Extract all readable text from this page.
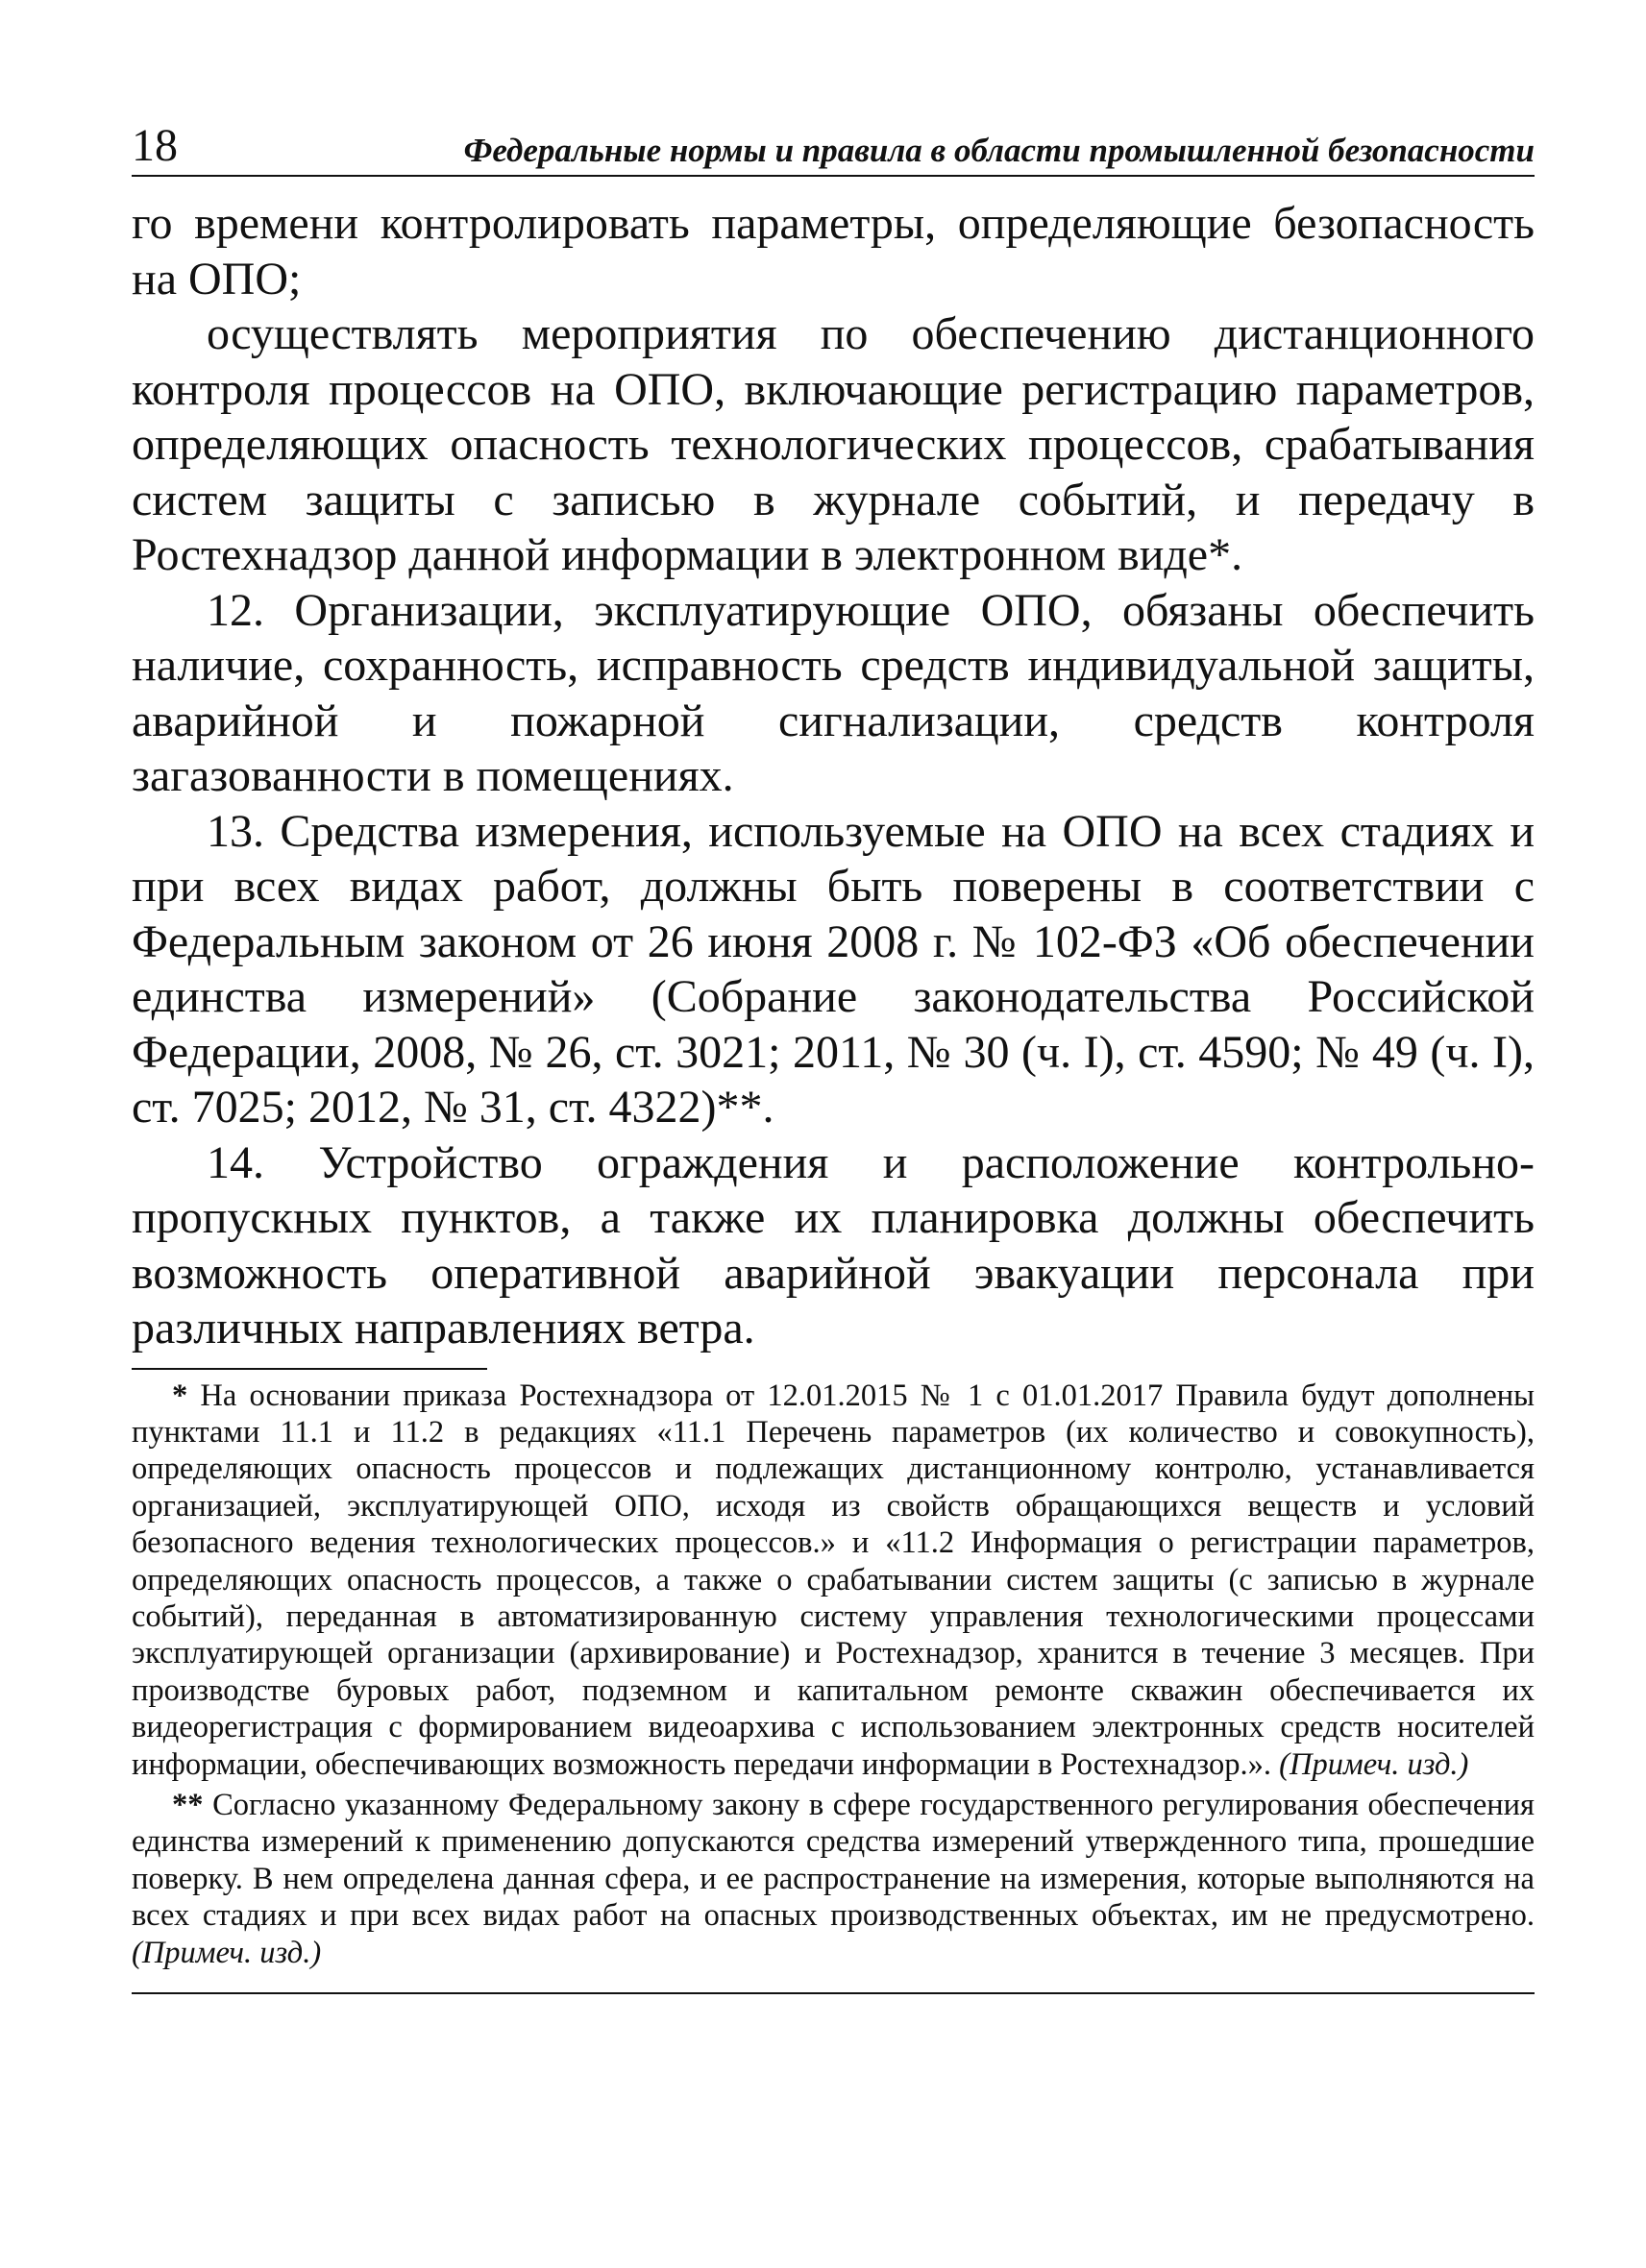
18	Федеральные нормы и правила в области промышленной безопасности

го времени контролировать параметры, определяющие безопасность на ОПО;

осуществлять мероприятия по обеспечению дистанционного контроля процессов на ОПО, включающие регистрацию параметров, определяющих опасность технологических процессов, срабатывания систем защиты с записью в журнале событий, и передачу в Ростехнадзор данной информации в электронном виде*.

12. Организации, эксплуатирующие ОПО, обязаны обеспечить наличие, сохранность, исправность средств индивидуальной защиты, аварийной и пожарной сигнализации, средств контроля загазованности в помещениях.

13. Средства измерения, используемые на ОПО на всех стадиях и при всех видах работ, должны быть поверены в соответствии с Федеральным законом от 26 июня 2008 г. № 102-ФЗ «Об обеспечении единства измерений» (Собрание законодательства Российской Федерации, 2008, № 26, ст. 3021; 2011, № 30 (ч. I), ст. 4590; № 49 (ч. I), ст. 7025; 2012, № 31, ст. 4322)**.

14. Устройство ограждения и расположение контрольно-пропускных пунктов, а также их планировка должны обеспечить возможность оперативной аварийной эвакуации персонала при различных направлениях ветра.

* На основании приказа Ростехнадзора от 12.01.2015 № 1 с 01.01.2017 Правила будут дополнены пунктами 11.1 и 11.2 в редакциях «11.1 Перечень параметров (их количество и совокупность), определяющих опасность процессов и подлежащих дистанционному контролю, устанавливается организацией, эксплуатирующей ОПО, исходя из свойств обращающихся веществ и условий безопасного ведения технологических процессов.» и «11.2 Информация о регистрации параметров, определяющих опасность процессов, а также о срабатывании систем защиты (с записью в журнале событий), переданная в автоматизированную систему управления технологическими процессами эксплуатирующей организации (архивирование) и Ростехнадзор, хранится в течение 3 месяцев. При производстве буровых работ, подземном и капитальном ремонте скважин обеспечивается их видеорегистрация с формированием видеоархива с использованием электронных средств носителей информации, обеспечивающих возможность передачи информации в Ростехнадзор.». (Примеч. изд.)

** Согласно указанному Федеральному закону в сфере государственного регулирования обеспечения единства измерений к применению допускаются средства измерений утвержденного типа, прошедшие поверку. В нем определена данная сфера, и ее распространение на измерения, которые выполняются на всех стадиях и при всех видах работ на опасных производственных объектах, им не предусмотрено. (Примеч. изд.)
